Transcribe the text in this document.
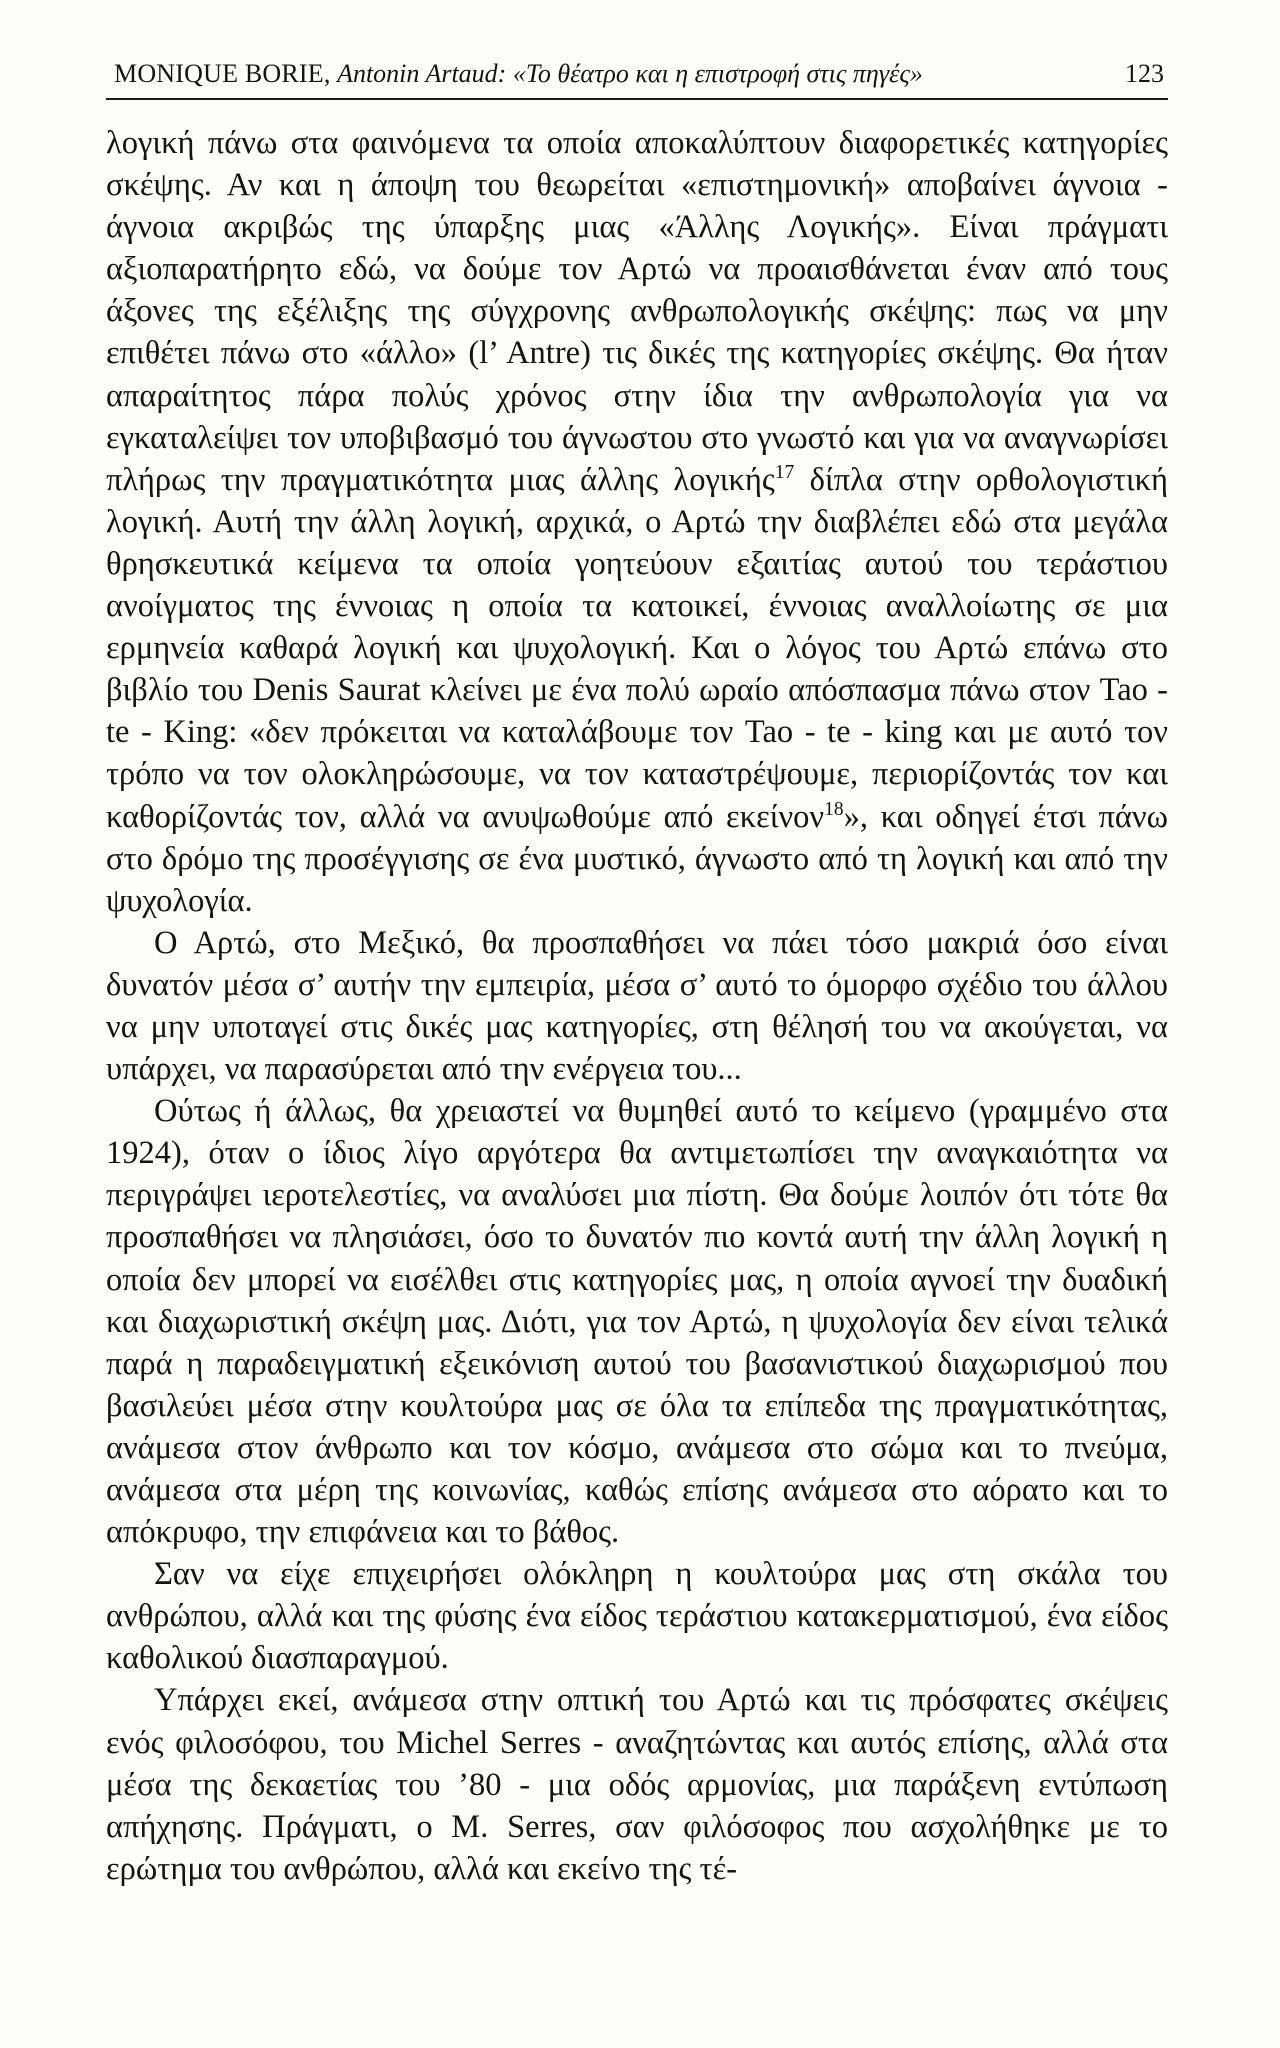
MONIQUE BORIE, Antonin Artaud: «Το θέατρο και η επιστροφή στις πηγές»	123

λογική πάνω στα φαινόμενα τα οποία αποκαλύπτουν διαφορετικές κατηγορίες σκέψης. Αν και η άποψη του θεωρείται «επιστημονική» αποβαίνει άγνοια - άγνοια ακριβώς της ύπαρξης μιας «Άλλης Λογικής». Είναι πράγματι αξιοπαρατήρητο εδώ, να δούμε τον Αρτώ να προαισθάνεται έναν από τους άξονες της εξέλιξης της σύγχρονης ανθρωπολογικής σκέψης: πως να μην επιθέτει πάνω στο «άλλο» (l’ Antre) τις δικές της κατηγορίες σκέψης. Θα ήταν απαραίτητος πάρα πολύς χρόνος στην ίδια την ανθρωπολογία για να εγκαταλείψει τον υποβιβασμό του άγνωστου στο γνωστό και για να αναγνωρίσει πλήρως την πραγματικότητα μιας άλλης λογικής$^{17}$ δίπλα στην ορθολογιστική λογική. Αυτή την άλλη λογική, αρχικά, ο Αρτώ την διαβλέπει εδώ στα μεγάλα θρησκευτικά κείμενα τα οποία γοητεύουν εξαιτίας αυτού του τεράστιου ανοίγματος της έννοιας η οποία τα κατοικεί, έννοιας αναλλοίωτης σε μια ερμηνεία καθαρά λογική και ψυχολογική. Και ο λόγος του Αρτώ επάνω στο βιβλίο του Denis Saurat κλείνει με ένα πολύ ωραίο απόσπασμα πάνω στον Tao - te - King: «δεν πρόκειται να καταλάβουμε τον Tao - te - king και με αυτό τον τρόπο να τον ολοκληρώσουμε, να τον καταστρέψουμε, περιορίζοντάς τον και καθορίζοντάς τον, αλλά να ανυψωθούμε από εκείνον$^{18}$», και οδηγεί έτσι πάνω στο δρόμο της προσέγγισης σε ένα μυστικό, άγνωστο από τη λογική και από την ψυχολογία.

Ο Αρτώ, στο Μεξικό, θα προσπαθήσει να πάει τόσο μακριά όσο είναι δυνατόν μέσα σ’ αυτήν την εμπειρία, μέσα σ’ αυτό το όμορφο σχέδιο του άλλου να μην υποταγεί στις δικές μας κατηγορίες, στη θέλησή του να ακούγεται, να υπάρχει, να παρασύρεται από την ενέργεια του...

Ούτως ή άλλως, θα χρειαστεί να θυμηθεί αυτό το κείμενο (γραμμένο στα 1924), όταν ο ίδιος λίγο αργότερα θα αντιμετωπίσει την αναγκαιότητα να περιγράψει ιεροτελεστίες, να αναλύσει μια πίστη. Θα δούμε λοιπόν ότι τότε θα προσπαθήσει να πλησιάσει, όσο το δυνατόν πιο κοντά αυτή την άλλη λογική η οποία δεν μπορεί να εισέλθει στις κατηγορίες μας, η οποία αγνοεί την δυαδική και διαχωριστική σκέψη μας. Διότι, για τον Αρτώ, η ψυχολογία δεν είναι τελικά παρά η παραδειγματική εξεικόνιση αυτού του βασανιστικού διαχωρισμού που βασιλεύει μέσα στην κουλτούρα μας σε όλα τα επίπεδα της πραγματικότητας, ανάμεσα στον άνθρωπο και τον κόσμο, ανάμεσα στο σώμα και το πνεύμα, ανάμεσα στα μέρη της κοινωνίας, καθώς επίσης ανάμεσα στο αόρατο και το απόκρυφο, την επιφάνεια και το βάθος.

Σαν να είχε επιχειρήσει ολόκληρη η κουλτούρα μας στη σκάλα του ανθρώπου, αλλά και της φύσης ένα είδος τεράστιου κατακερματισμού, ένα είδος καθολικού διασπαραγμού.

Υπάρχει εκεί, ανάμεσα στην οπτική του Αρτώ και τις πρόσφατες σκέψεις ενός φιλοσόφου, του Michel Serres - αναζητώντας και αυτός επίσης, αλλά στα μέσα της δεκαετίας του ’80 - μια οδός αρμονίας, μια παράξενη εντύπωση απήχησης. Πράγματι, ο M. Serres, σαν φιλόσοφος που ασχολήθηκε με το ερώτημα του ανθρώπου, αλλά και εκείνο της τέ-
